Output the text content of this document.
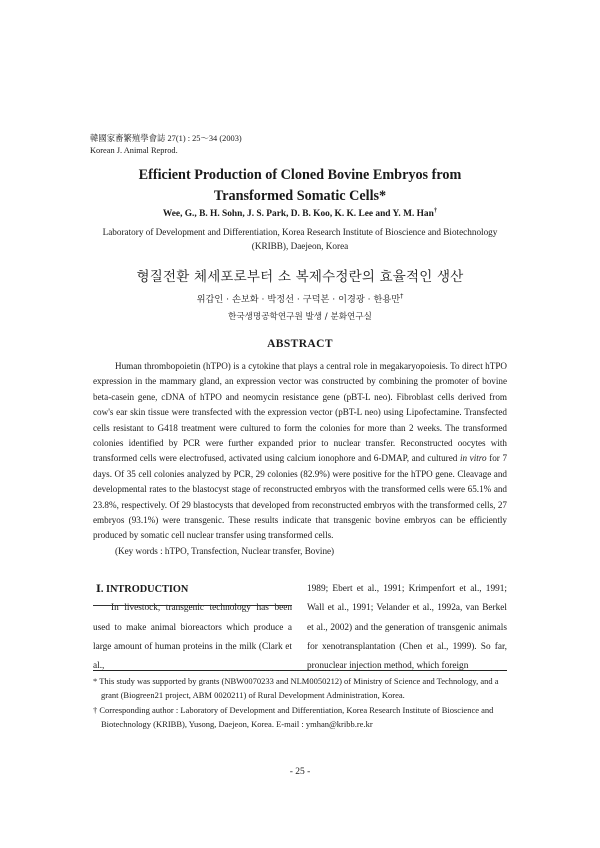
韓國家畜繁殖學會誌 27(1) : 25～34 (2003)
Korean J. Animal Reprod.
Efficient Production of Cloned Bovine Embryos from
Transformed Somatic Cells*
Wee, G., B. H. Sohn, J. S. Park, D. B. Koo, K. K. Lee and Y. M. Han†
Laboratory of Development and Differentiation, Korea Research Institute of Bioscience and Biotechnology
(KRIBB), Daejeon, Korea
형질전환 체세포로부터 소 복제수정란의 효율적인 생산
위갑인 · 손보화 · 박정선 · 구덕본 · 이경광 · 한용만†
한국생명공학연구원 발생 / 분화연구실
ABSTRACT

Human thrombopoietin (hTPO) is a cytokine that plays a central role in megakaryopoiesis. To direct hTPO expression in the mammary gland, an expression vector was constructed by combining the promoter of bovine beta-casein gene, cDNA of hTPO and neomycin resistance gene (pBT-L neo). Fibroblast cells derived from cow's ear skin tissue were transfected with the expression vector (pBT-L neo) using Lipofectamine. Transfected cells resistant to G418 treatment were cultured to form the colonies for more than 2 weeks. The transformed colonies identified by PCR were further expanded prior to nuclear transfer. Reconstructed oocytes with transformed cells were electrofused, activated using calcium ionophore and 6-DMAP, and cultured in vitro for 7 days. Of 35 cell colonies analyzed by PCR, 29 colonies (82.9%) were positive for the hTPO gene. Cleavage and developmental rates to the blastocyst stage of reconstructed embryos with the transformed cells were 65.1% and 23.8%, respectively. Of 29 blastocysts that developed from reconstructed embryos with the transformed cells, 27 embryos (93.1%) were transgenic. These results indicate that transgenic bovine embryos can be efficiently produced by somatic cell nuclear transfer using transformed cells.

(Key words : hTPO, Transfection, Nuclear transfer, Bovine)

Ⅰ. INTRODUCTION

In livestock, transgenic technology has been used to make animal bioreactors which produce a large amount of human proteins in the milk (Clark et al.,

1989; Ebert et al., 1991; Krimpenfort et al., 1991; Wall et al., 1991; Velander et al., 1992a, van Berkel et al., 2002) and the generation of transgenic animals for xenotransplantation (Chen et al., 1999). So far, pronuclear injection method, which foreign

* This study was supported by grants (NBW0070233 and NLM0050212) of Ministry of Science and Technology, and a grant (Biogreen21 project, ABM 0020211) of Rural Development Administration, Korea.

† Corresponding author : Laboratory of Development and Differentiation, Korea Research Institute of Bioscience and Biotechnology (KRIBB), Yusong, Daejeon, Korea. E-mail : ymhan@kribb.re.kr

- 25 -
